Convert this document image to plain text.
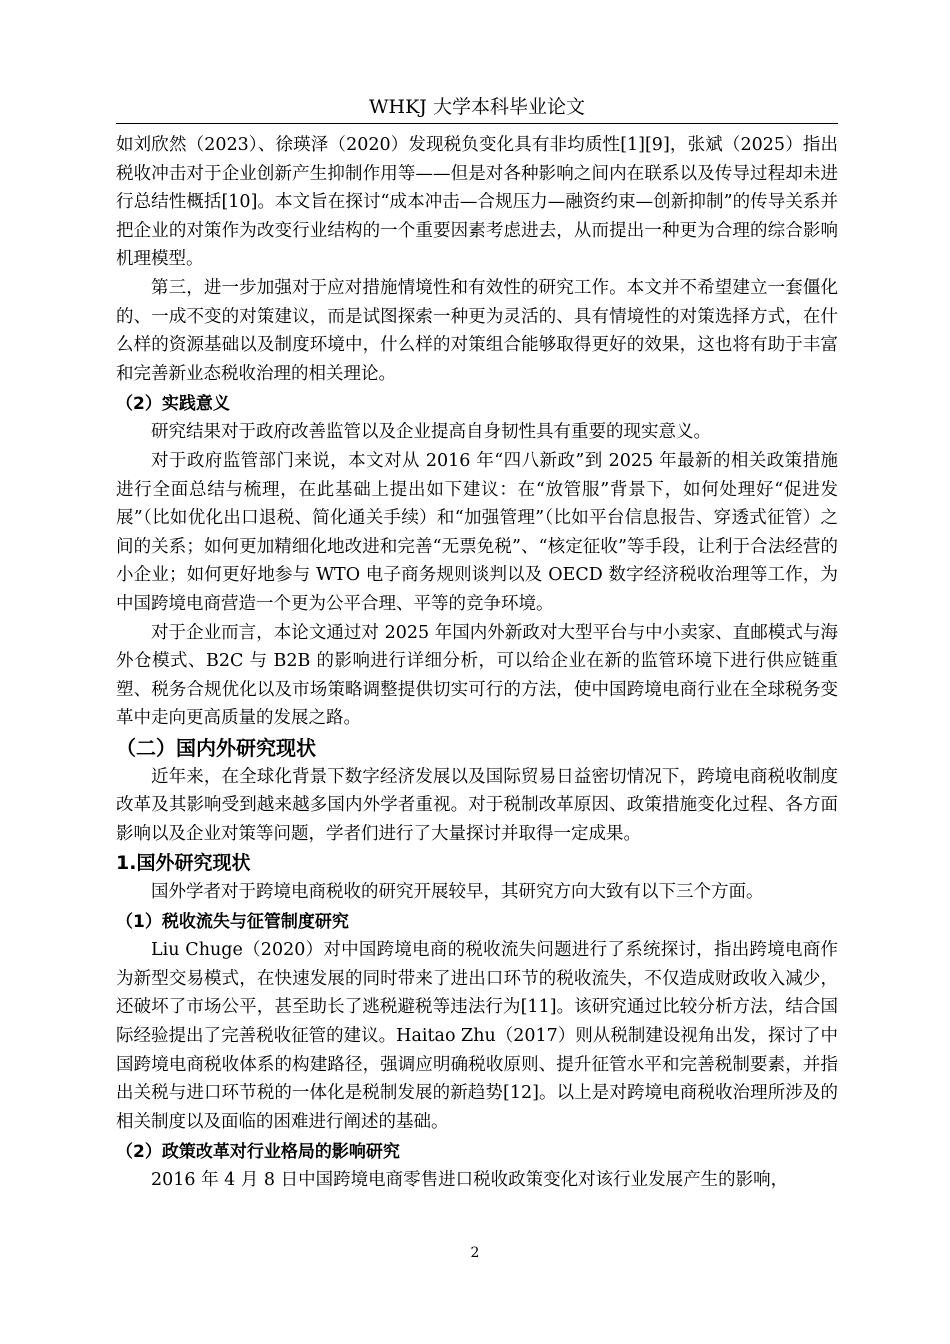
WHKJ 大学本科毕业论文

如刘欣然（2023）、徐瑛泽（2020）发现税负变化具有非均质性[1][9]，张斌（2025）指出税收冲击对于企业创新产生抑制作用等——但是对各种影响之间内在联系以及传导过程却未进行总结性概括[10]。本文旨在探讨“成本冲击—合规压力—融资约束—创新抑制”的传导关系并把企业的对策作为改变行业结构的一个重要因素考虑进去，从而提出一种更为合理的综合影响机理模型。

第三，进一步加强对于应对措施情境性和有效性的研究工作。本文并不希望建立一套僵化的、一成不变的对策建议，而是试图探索一种更为灵活的、具有情境性的对策选择方式，在什么样的资源基础以及制度环境中，什么样的对策组合能够取得更好的效果，这也将有助于丰富和完善新业态税收治理的相关理论。

（2）实践意义

研究结果对于政府改善监管以及企业提高自身韧性具有重要的现实意义。

对于政府监管部门来说，本文对从 2016 年“四八新政”到 2025 年最新的相关政策措施进行全面总结与梳理，在此基础上提出如下建议：在“放管服”背景下，如何处理好“促进发展”（比如优化出口退税、简化通关手续）和“加强管理”（比如平台信息报告、穿透式征管）之间的关系；如何更加精细化地改进和完善“无票免税”、“核定征收”等手段，让利于合法经营的小企业；如何更好地参与 WTO 电子商务规则谈判以及 OECD 数字经济税收治理等工作，为中国跨境电商营造一个更为公平合理、平等的竞争环境。

对于企业而言，本论文通过对 2025 年国内外新政对大型平台与中小卖家、直邮模式与海外仓模式、B2C 与 B2B 的影响进行详细分析，可以给企业在新的监管环境下进行供应链重塑、税务合规优化以及市场策略调整提供切实可行的方法，使中国跨境电商行业在全球税务变革中走向更高质量的发展之路。

（二）国内外研究现状

近年来，在全球化背景下数字经济发展以及国际贸易日益密切情况下，跨境电商税收制度改革及其影响受到越来越多国内外学者重视。对于税制改革原因、政策措施变化过程、各方面影响以及企业对策等问题，学者们进行了大量探讨并取得一定成果。

1.国外研究现状

国外学者对于跨境电商税收的研究开展较早，其研究方向大致有以下三个方面。

（1）税收流失与征管制度研究

Liu Chuge（2020）对中国跨境电商的税收流失问题进行了系统探讨，指出跨境电商作为新型交易模式，在快速发展的同时带来了进出口环节的税收流失，不仅造成财政收入减少，还破坏了市场公平，甚至助长了逃税避税等违法行为[11]。该研究通过比较分析方法，结合国际经验提出了完善税收征管的建议。Haitao Zhu（2017）则从税制建设视角出发，探讨了中国跨境电商税收体系的构建路径，强调应明确税收原则、提升征管水平和完善税制要素，并指出关税与进口环节税的一体化是税制发展的新趋势[12]。以上是对跨境电商税收治理所涉及的相关制度以及面临的困难进行阐述的基础。

（2）政策改革对行业格局的影响研究

2016 年 4 月 8 日中国跨境电商零售进口税收政策变化对该行业发展产生的影响，

2
